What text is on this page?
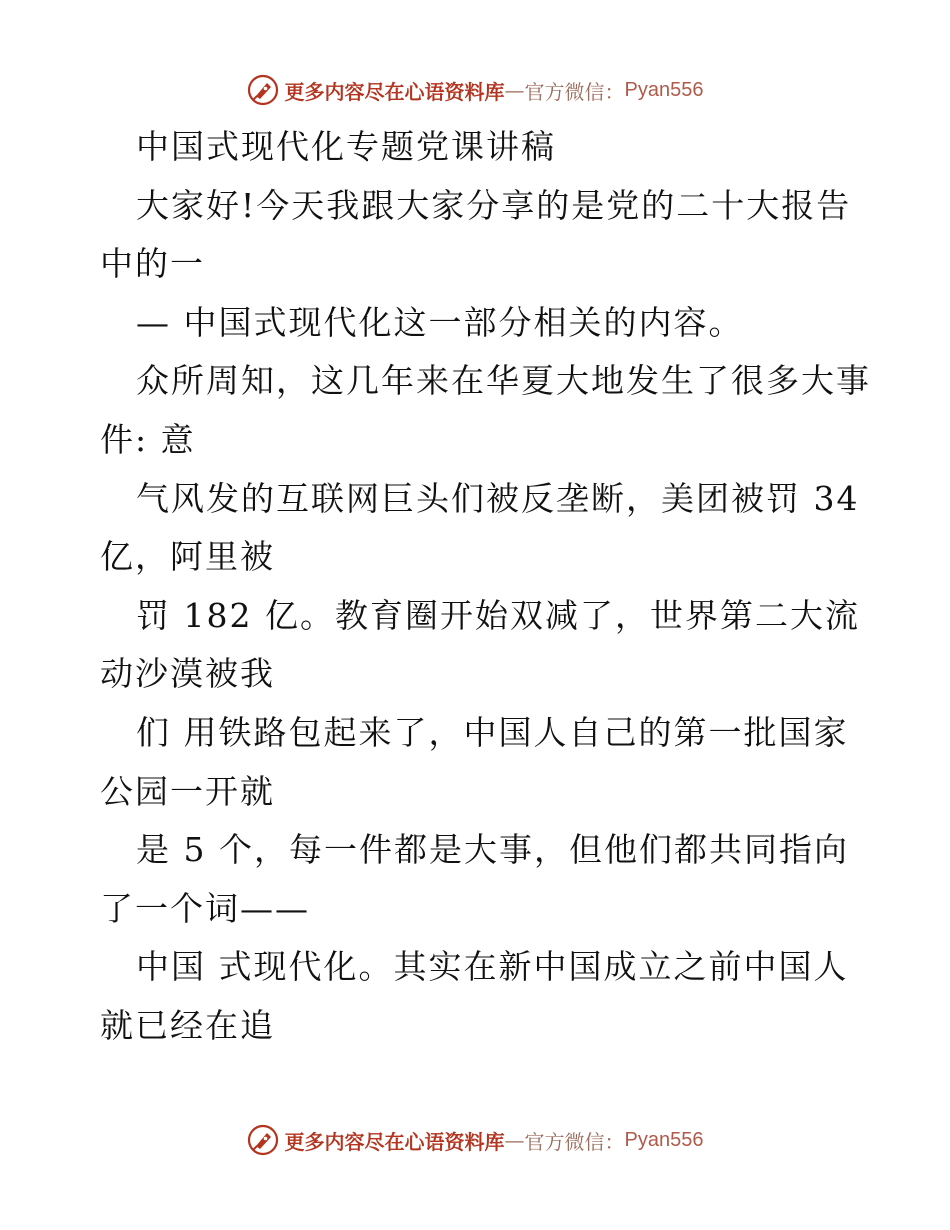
更多内容尽在心语资料库 — 官方微信： Pyan556
中国式现代化专题党课讲稿
大家好!今天我跟大家分享的是党的二十大报告
中的一
— 中国式现代化这一部分相关的内容。
众所周知，这几年来在华夏大地发生了很多大事
件: 意
气风发的互联网巨头们被反垄断，美团被罚 34
亿，阿里被
罚 182 亿。教育圈开始双减了，世界第二大流
动沙漠被我
们 用铁路包起来了，中国人自己的第一批国家
公园一开就
是 5 个，每一件都是大事，但他们都共同指向
了一个词——
中国 式现代化。其实在新中国成立之前中国人
就已经在追
更多内容尽在心语资料库 — 官方微信： Pyan556
